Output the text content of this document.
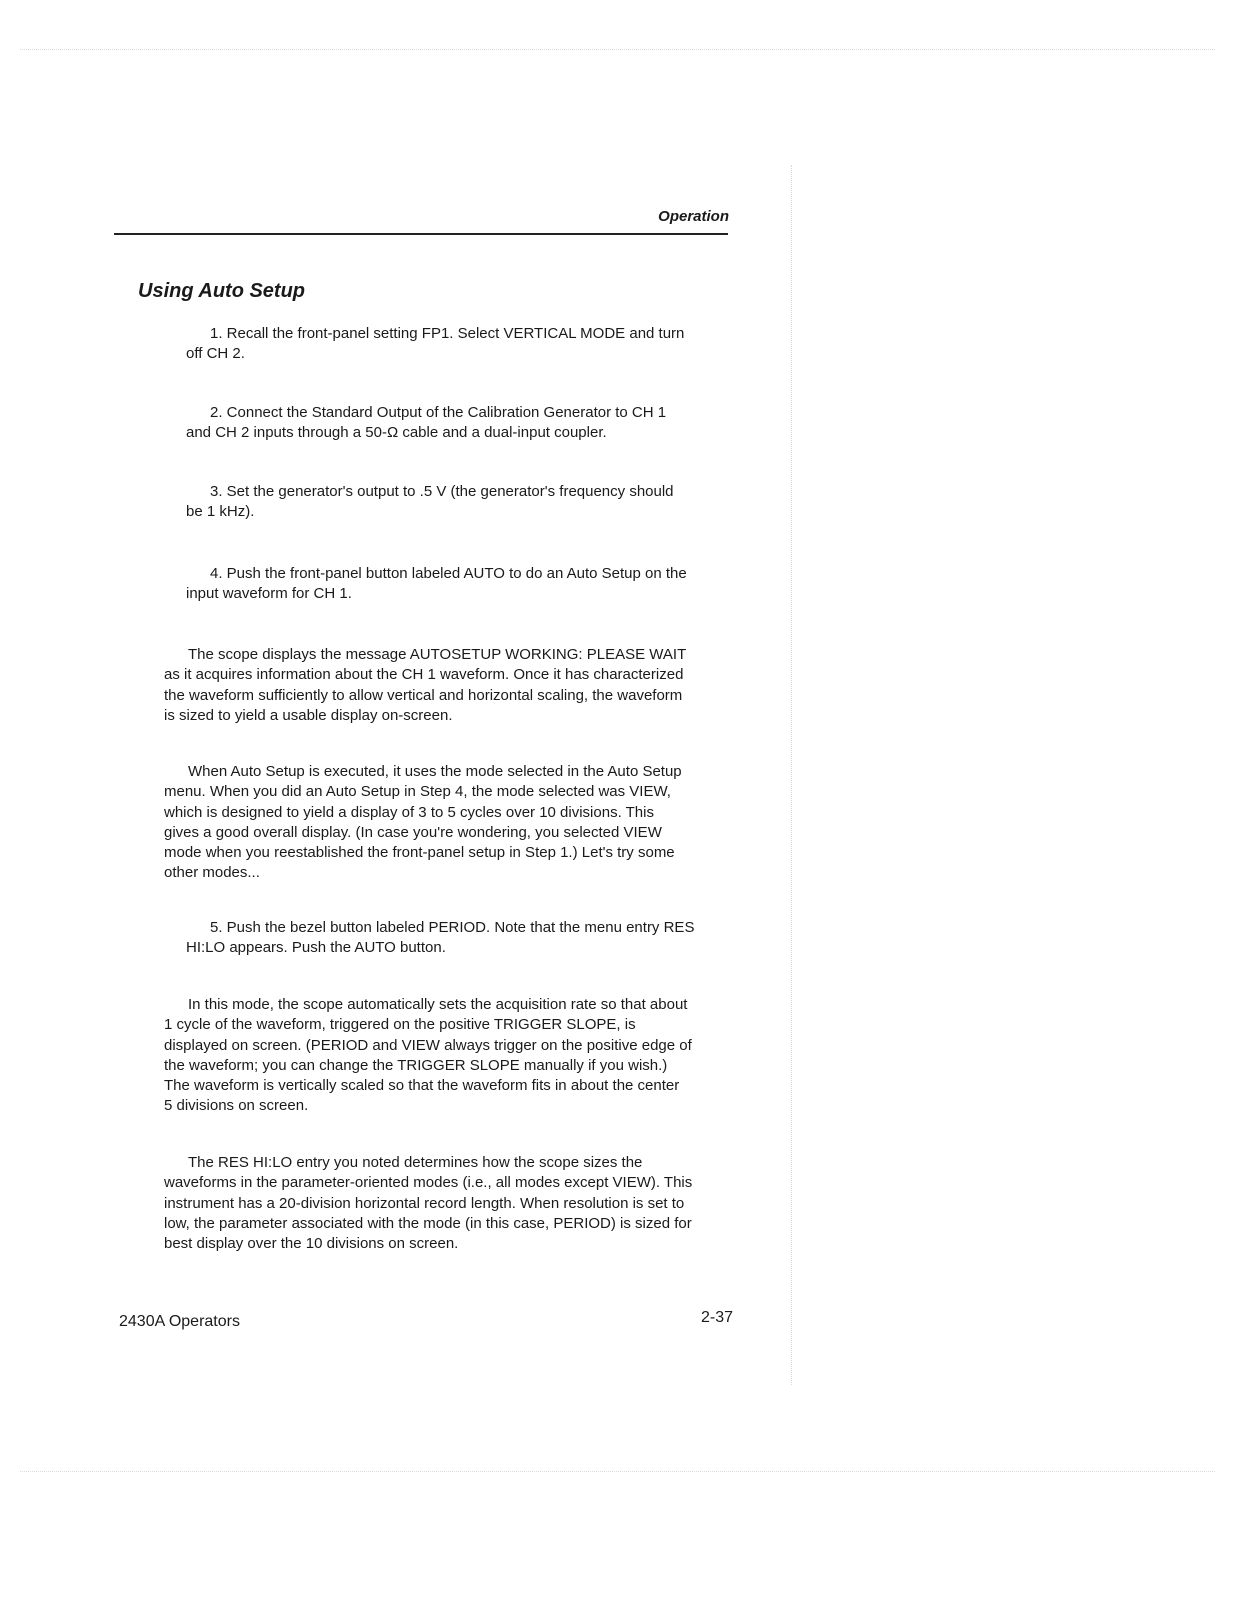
Operation
Using Auto Setup

1. Recall the front-panel setting FP1. Select VERTICAL MODE and turn
off CH 2.

2. Connect the Standard Output of the Calibration Generator to CH 1
and CH 2 inputs through a 50-Ω cable and a dual-input coupler.

3. Set the generator's output to .5 V (the generator's frequency should
be 1 kHz).

4. Push the front-panel button labeled AUTO to do an Auto Setup on the
input waveform for CH 1.

The scope displays the message AUTOSETUP WORKING: PLEASE WAIT
as it acquires information about the CH 1 waveform. Once it has characterized
the waveform sufficiently to allow vertical and horizontal scaling, the waveform
is sized to yield a usable display on-screen.

When Auto Setup is executed, it uses the mode selected in the Auto Setup
menu. When you did an Auto Setup in Step 4, the mode selected was VIEW,
which is designed to yield a display of 3 to 5 cycles over 10 divisions. This
gives a good overall display. (In case you're wondering, you selected VIEW
mode when you reestablished the front-panel setup in Step 1.) Let's try some
other modes...

5. Push the bezel button labeled PERIOD. Note that the menu entry RES
HI:LO appears. Push the AUTO button.

In this mode, the scope automatically sets the acquisition rate so that about
1 cycle of the waveform, triggered on the positive TRIGGER SLOPE, is
displayed on screen. (PERIOD and VIEW always trigger on the positive edge of
the waveform; you can change the TRIGGER SLOPE manually if you wish.)
The waveform is vertically scaled so that the waveform fits in about the center
5 divisions on screen.

The RES HI:LO entry you noted determines how the scope sizes the
waveforms in the parameter-oriented modes (i.e., all modes except VIEW). This
instrument has a 20-division horizontal record length. When resolution is set to
low, the parameter associated with the mode (in this case, PERIOD) is sized for
best display over the 10 divisions on screen.

2430A Operators	2-37
